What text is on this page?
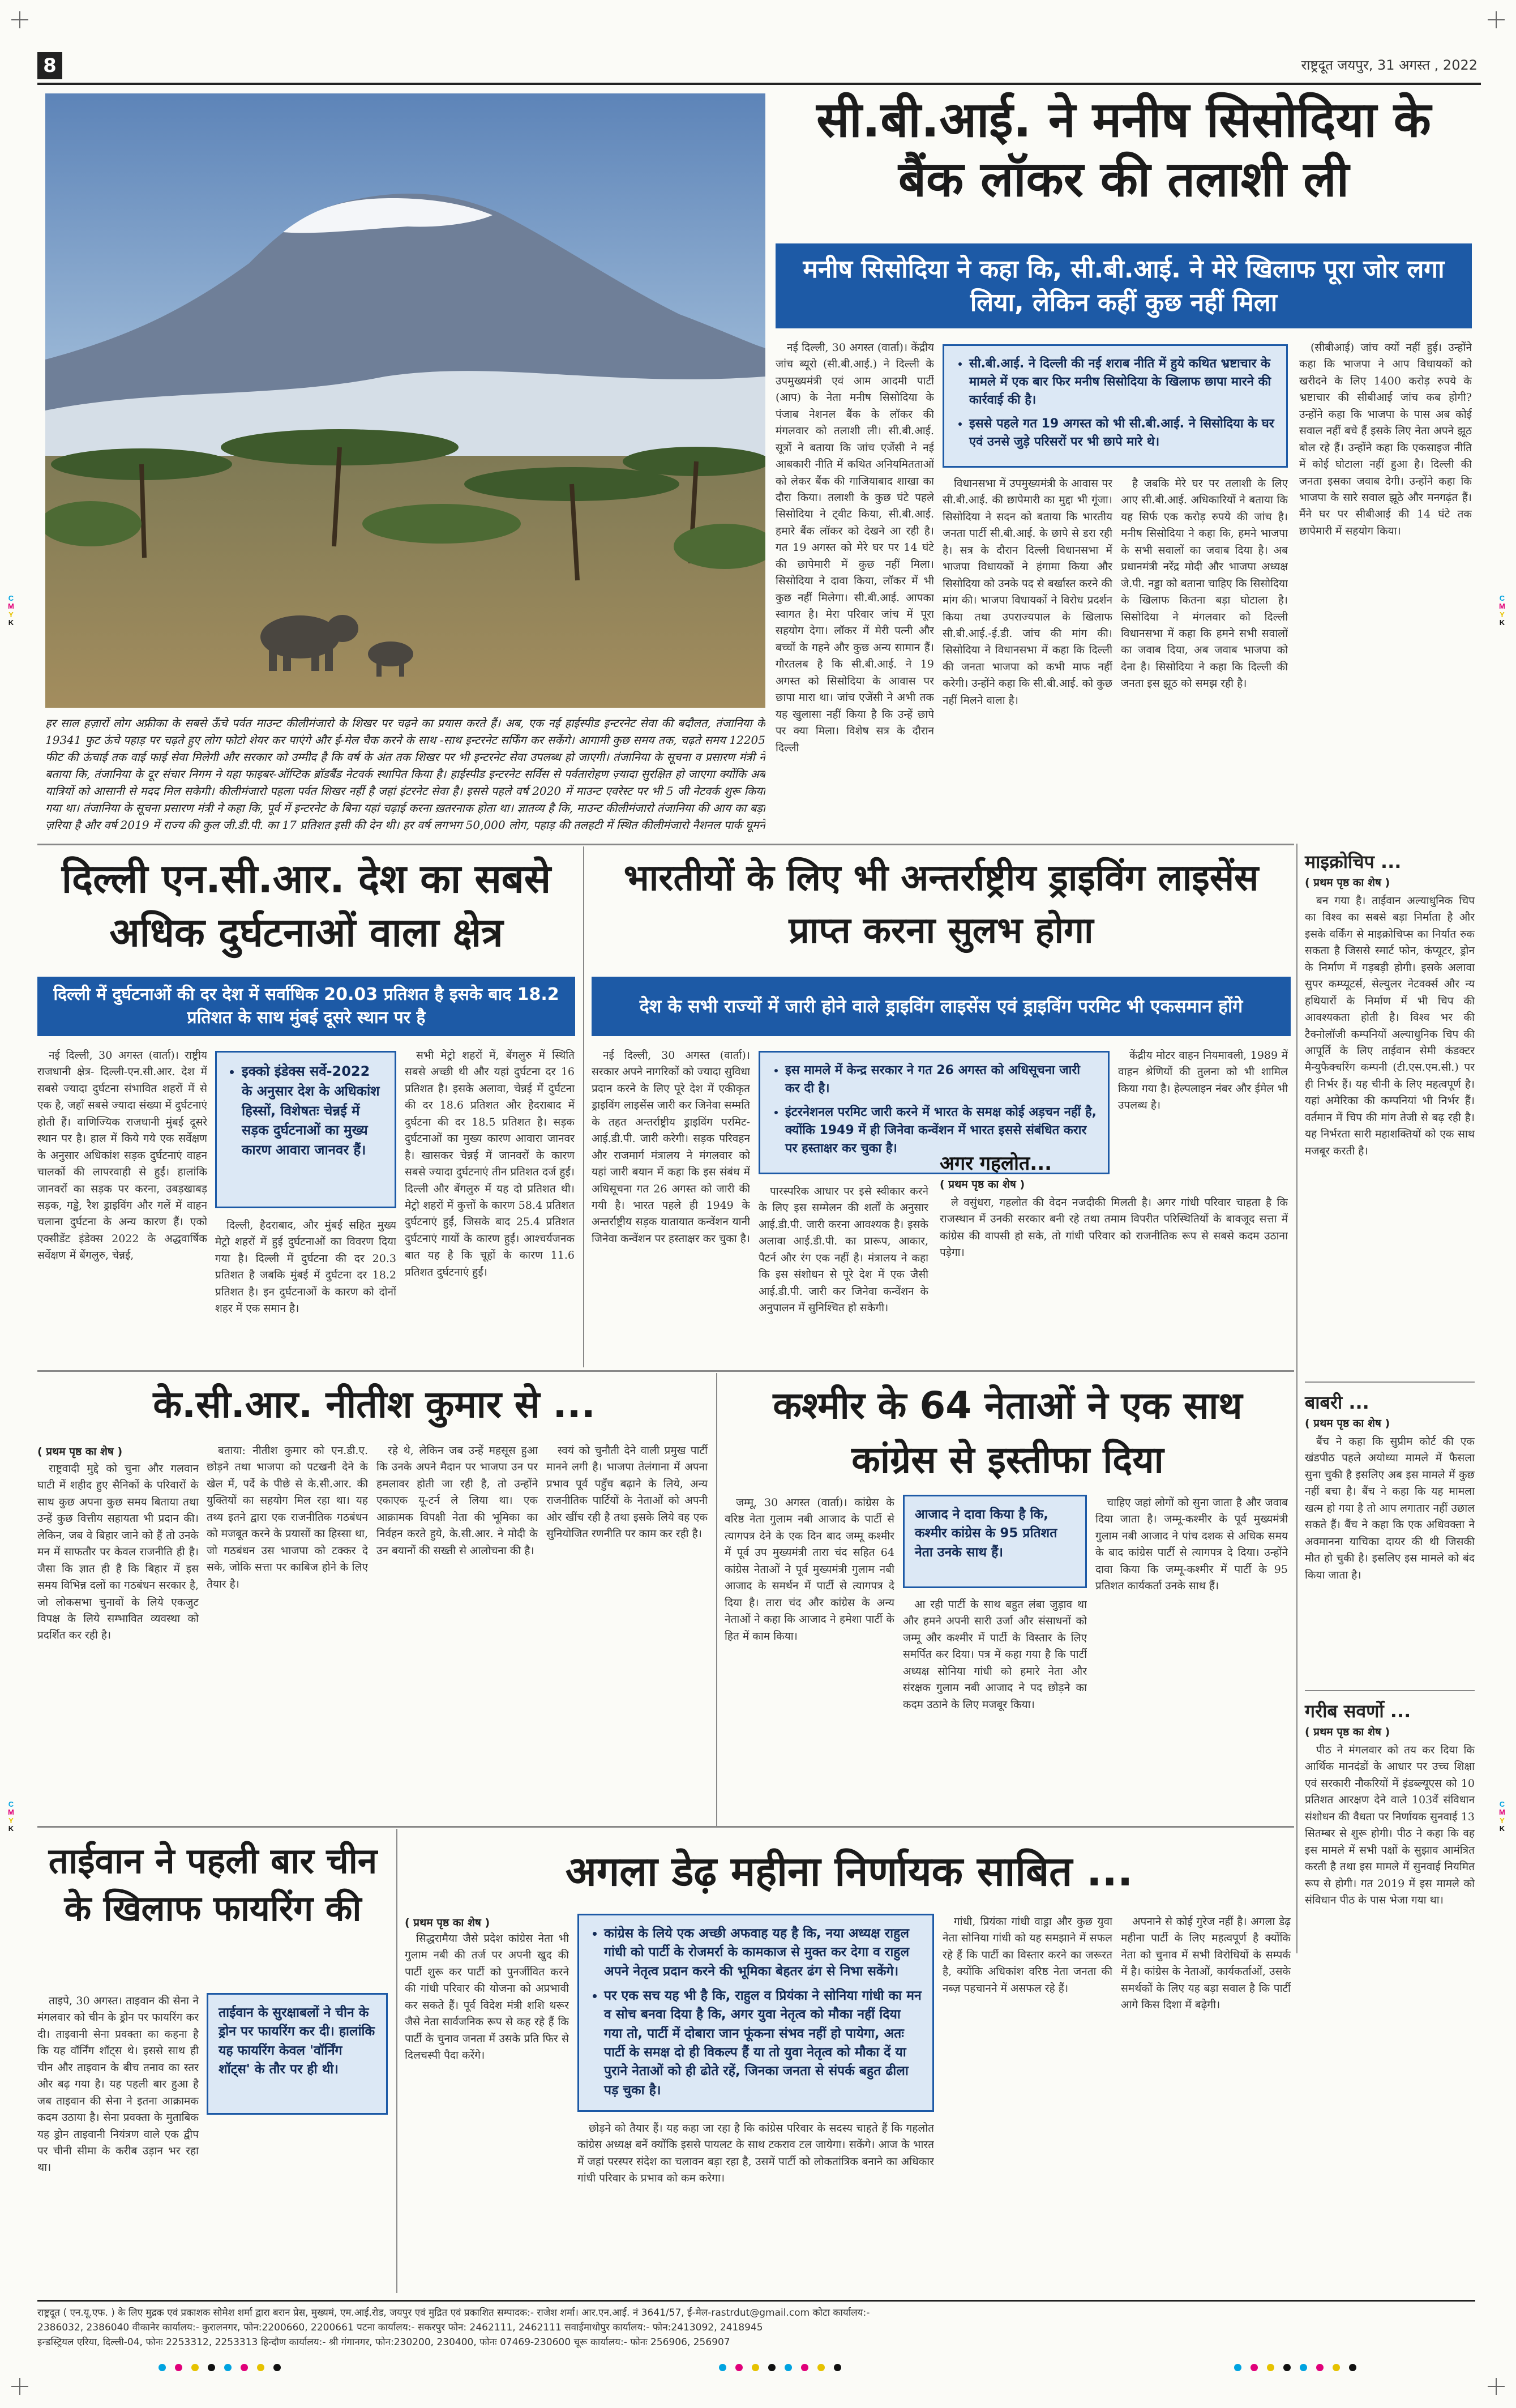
C
M
Y
K
C
M
Y
K
C
M
Y
K
C
M
Y
K
8	राष्ट्रदूत जयपुर, 31 अगस्त , 2022
हर साल हज़ारों लोग अफ्रीका के सबसे ऊँचे पर्वत माउन्ट कीलीमंजारो के शिखर पर चढ़ने का प्रयास करते हैं। अब, एक नई हाईस्पीड इन्टरनेट सेवा की बदौलत, तंजानिया के 19341 फुट ऊंचे पहाड़ पर चढ़ते हुए लोग फोटो शेयर कर पाएंगे और ई-मेल चैक करने के साथ -साथ इन्टरनेट सर्फिंग कर सकेंगे। आगामी कुछ समय तक, चढ़ते समय 12205 फीट की ऊंचाई तक वाई फाई सेवा मिलेगी और सरकार को उम्मीद है कि वर्ष के अंत तक शिखर पर भी इन्टरनेट सेवा उपलब्ध हो जाएगी। तंजानिया के सूचना व प्रसारण मंत्री ने बताया कि, तंजानिया के दूर संचार निगम ने यहा फाइबर-ऑप्टिक ब्रॉडबैंड नेटवर्क स्थापित किया है। हाईस्पीड इन्टरनेट सर्विस से पर्वतारोहण ज़्यादा सुरक्षित हो जाएगा क्योंकि अब यात्रियों को आसानी से मदद मिल सकेगी। कीलीमंजारो पहला पर्वत शिखर नहीं है जहां इंटरनेट सेवा है। इससे पहले वर्ष 2020 में माउन्ट एवरेस्ट पर भी 5 जी नेटवर्क शुरू किया गया था। तंजानिया के सूचना प्रसारण मंत्री ने कहा कि, पूर्व में इन्टरनेट के बिना यहां चढ़ाई करना ख़तरनाक होता था। ज्ञातव्य है कि, माउन्ट कीलीमंजारो तंजानिया की आय का बड़ा ज़रिया है और वर्ष 2019 में राज्य की कुल जी.डी.पी. का 17 प्रतिशत इसी की देन थी। हर वर्ष लगभग 50,000 लोग, पहाड़ की तलहटी में स्थित कीलीमंजारो नैशनल पार्क घूमने
सी.बी.आई. ने मनीष सिसोदिया के बैंक लॉकर की तलाशी ली
मनीष सिसोदिया ने कहा कि, सी.बी.आई. ने मेरे खिलाफ पूरा जोर लगा लिया, लेकिन कहीं कुछ नहीं मिला

नई दिल्ली, 30 अगस्त (वार्ता)। केंद्रीय जांच ब्यूरो (सी.बी.आई.) ने दिल्ली के उपमुख्यमंत्री एवं आम आदमी पार्टी (आप) के नेता मनीष सिसोदिया के पंजाब नेशनल बैंक के लॉकर की मंगलवार को तलाशी ली। सी.बी.आई. सूत्रों ने बताया कि जांच एजेंसी ने नई आबकारी नीति में कथित अनियमितताओं को लेकर बैंक की गाजियाबाद शाखा का दौरा किया। तलाशी के कुछ घंटे पहले सिसोदिया ने ट्वीट किया, सी.बी.आई. हमारे बैंक लॉकर को देखने आ रही है। गत 19 अगस्त को मेरे घर पर 14 घंटे की छापेमारी में कुछ नहीं मिला। सिसोदिया ने दावा किया, लॉकर में भी कुछ नहीं मिलेगा। सी.बी.आई. आपका स्वागत है। मेरा परिवार जांच में पूरा सहयोग देगा। लॉकर में मेरी पत्नी और बच्चों के गहने और कुछ अन्य सामान हैं। गौरतलब है कि सी.बी.आई. ने 19 अगस्त को सिसोदिया के आवास पर छापा मारा था। जांच एजेंसी ने अभी तक यह खुलासा नहीं किया है कि उन्हें छापे पर क्या मिला। विशेष सत्र के दौरान दिल्ली

• सी.बी.आई. ने दिल्ली की नई शराब नीति में हुये कथित भ्रष्टाचार के मामले में एक बार फिर मनीष सिसोदिया के खिलाफ छापा मारने की कार्रवाई की है।
• इससे पहले गत 19 अगस्त को भी सी.बी.आई. ने सिसोदिया के घर एवं उनसे जुड़े परिसरों पर भी छापे मारे थे।

विधानसभा में उपमुख्यमंत्री के आवास पर सी.बी.आई. की छापेमारी का मुद्दा भी गूंजा। सिसोदिया ने सदन को बताया कि भारतीय जनता पार्टी सी.बी.आई. के छापे से डरा रही है। सत्र के दौरान दिल्ली विधानसभा में भाजपा विधायकों ने हंगामा किया और सिसोदिया को उनके पद से बर्खास्त करने की मांग की। भाजपा विधायकों ने विरोध प्रदर्शन किया तथा उपराज्यपाल के खिलाफ सी.बी.आई.-ई.डी. जांच की मांग की। सिसोदिया ने विधानसभा में कहा कि दिल्ली की जनता भाजपा को कभी माफ नहीं करेगी। उन्होंने कहा कि सी.बी.आई. को कुछ नहीं मिलने वाला है।

है जबकि मेरे घर पर तलाशी के लिए आए सी.बी.आई. अधिकारियों ने बताया कि यह सिर्फ एक करोड़ रुपये की जांच है। मनीष सिसोदिया ने कहा कि, हमने भाजपा के सभी सवालों का जवाब दिया है। अब प्रधानमंत्री नरेंद्र मोदी और भाजपा अध्यक्ष जे.पी. नड्डा को बताना चाहिए कि सिसोदिया के खिलाफ कितना बड़ा घोटाला है। सिसोदिया ने मंगलवार को दिल्ली विधानसभा में कहा कि हमने सभी सवालों का जवाब दिया, अब जवाब भाजपा को देना है। सिसोदिया ने कहा कि दिल्ली की जनता इस झूठ को समझ रही है।

(सीबीआई) जांच क्यों नहीं हुई। उन्होंने कहा कि भाजपा ने आप विधायकों को खरीदने के लिए 1400 करोड़ रुपये के भ्रष्टाचार की सीबीआई जांच कब होगी? उन्होंने कहा कि भाजपा के पास अब कोई सवाल नहीं बचे हैं इसके लिए नेता अपने झूठ बोल रहे हैं। उन्होंने कहा कि एकसाइज नीति में कोई घोटाला नहीं हुआ है। दिल्ली की जनता इसका जवाब देगी। उन्होंने कहा कि भाजपा के सारे सवाल झूठे और मनगढ़ंत हैं। मैंने घर पर सीबीआई की 14 घंटे तक छापेमारी में सहयोग किया।

दिल्ली एन.सी.आर. देश का सबसे अधिक दुर्घटनाओं वाला क्षेत्र
दिल्ली में दुर्घटनाओं की दर देश में सर्वाधिक 20.03 प्रतिशत है इसके बाद 18.2 प्रतिशत के साथ मुंबई दूसरे स्थान पर है

नई दिल्ली, 30 अगस्त (वार्ता)। राष्ट्रीय राजधानी क्षेत्र- दिल्ली-एन.सी.आर. देश में सबसे ज्यादा दुर्घटना संभावित शहरों में से एक है, जहाँ सबसे ज्यादा संख्या में दुर्घटनाएं होती हैं। वाणिज्यिक राजधानी मुंबई दूसरे स्थान पर है। हाल में किये गये एक सर्वेक्षण के अनुसार अधिकांश सड़क दुर्घटनाएं वाहन चालकों की लापरवाही से हुईं। हालांकि जानवरों का सड़क पर करना, उबड़खाबड़ सड़क, गड्ढे, रैश ड्राइविंग और गलें में वाहन चलाना दुर्घटना के अन्य कारण हैं। एको एक्सीडेंट इंडेक्स 2022 के अद्धवार्षिक सर्वेक्षण में बेंगलुरु, चेन्नई,

• इक्को इंडेक्स सर्वे-2022 के अनुसार देश के अधिकांश हिस्सों, विशेषतः चेन्नई में सड़क दुर्घटनाओं का मुख्य कारण आवारा जानवर हैं।

दिल्ली, हैदराबाद, और मुंबई सहित मुख्य मेट्रो शहरों में हुई दुर्घटनाओं का विवरण दिया गया है। दिल्ली में दुर्घटना की दर 20.3 प्रतिशत है जबकि मुंबई में दुर्घटना दर 18.2 प्रतिशत है। इन दुर्घटनाओं के कारण को दोनों शहर में एक समान है।

सभी मेट्रो शहरों में, बेंगलुरु में स्थिति सबसे अच्छी थी और यहां दुर्घटना दर 16 प्रतिशत है। इसके अलावा, चेन्नई में दुर्घटना की दर 18.6 प्रतिशत और हैदराबाद में दुर्घटना की दर 18.5 प्रतिशत है। सड़क दुर्घटनाओं का मुख्य कारण आवारा जानवर है। खासकर चेन्नई में जानवरों के कारण सबसे ज्यादा दुर्घटनाएं तीन प्रतिशत दर्ज हुईं। दिल्ली और बेंगलुरु में यह दो प्रतिशत थी। मेट्रो शहरों में कुत्तों के कारण 58.4 प्रतिशत दुर्घटनाएं हुईं, जिसके बाद 25.4 प्रतिशत दुर्घटनाएं गायों के कारण हुईं। आश्चर्यजनक बात यह है कि चूहों के कारण 11.6 प्रतिशत दुर्घटनाएं हुईं।

भारतीयों के लिए भी अन्तर्राष्ट्रीय ड्राइविंग लाइसेंस प्राप्त करना सुलभ होगा
देश के सभी राज्यों में जारी होने वाले ड्राइविंग लाइसेंस एवं ड्राइविंग परमिट भी एकसमान होंगे

नई दिल्ली, 30 अगस्त (वार्ता)। सरकार अपने नागरिकों को ज्यादा सुविधा प्रदान करने के लिए पूरे देश में एकीकृत ड्राइविंग लाइसेंस जारी कर जिनेवा सम्मति के तहत अन्तर्राष्ट्रीय ड्राइविंग परमिट-आई.डी.पी. जारी करेगी। सड़क परिवहन और राजमार्ग मंत्रालय ने मंगलवार को यहां जारी बयान में कहा कि इस संबंध में अधिसूचना गत 26 अगस्त को जारी की गयी है। भारत पहले ही 1949 के अन्तर्राष्ट्रीय सड़क यातायात कन्वेंशन यानी जिनेवा कन्वेंशन पर हस्ताक्षर कर चुका है।

• इस मामले में केन्द्र सरकार ने गत 26 अगस्त को अधिसूचना जारी कर दी है।
• इंटरनेशनल परमिट जारी करने में भारत के समक्ष कोई अड़चन नहीं है, क्योंकि 1949 में ही जिनेवा कन्वेंशन में भारत इससे संबंधित करार पर हस्ताक्षर कर चुका है।

पारस्परिक आधार पर इसे स्वीकार करने के लिए इस सम्मेलन की शर्तों के अनुसार आई.डी.पी. जारी करना आवश्यक है। इसके अलावा आई.डी.पी. का प्रारूप, आकार, पैटर्न और रंग एक नहीं है। मंत्रालय ने कहा कि इस संशोधन से पूरे देश में एक जैसी आई.डी.पी. जारी कर जिनेवा कन्वेंशन के अनुपालन में सुनिश्चित हो सकेगी।

केंद्रीय मोटर वाहन नियमावली, 1989 में वाहन श्रेणियों की तुलना को भी शामिल किया गया है। हेल्पलाइन नंबर और ईमेल भी उपलब्ध है।

अगर गहलोत...
( प्रथम पृष्ठ का शेष )

ले वसुंधरा, गहलोत की वेदन नजदीकी मिलती है। अगर गांधी परिवार चाहता है कि राजस्थान में उनकी सरकार बनी रहे तथा तमाम विपरीत परिस्थितियों के बावजूद सत्ता में कांग्रेस की वापसी हो सके, तो गांधी परिवार को राजनीतिक रूप से सबसे कदम उठाना पड़ेगा।

के.सी.आर. नीतीश कुमार से ...
( प्रथम पृष्ठ का शेष )

राष्ट्रवादी मुद्दे को चुना और गलवान घाटी में शहीद हुए सैनिकों के परिवारों के साथ कुछ अपना कुछ समय बिताया तथा उन्हें कुछ वित्तीय सहायता भी प्रदान की। लेकिन, जब वे बिहार जाने को हैं तो उनके मन में साफतौर पर केवल राजनीति ही है। जैसा कि ज्ञात ही है कि बिहार में इस समय विभिन्न दलों का गठबंधन सरकार है, जो लोकसभा चुनावों के लिये एकजुट विपक्ष के लिये सम्भावित व्यवस्था को प्रदर्शित कर रही है।

बताया: नीतीश कुमार को एन.डी.ए. छोड़ने तथा भाजपा को पटखनी देने के खेल में, पर्दे के पीछे से के.सी.आर. की युक्तियों का सहयोग मिल रहा था। यह तथ्य इतने द्वारा एक राजनीतिक गठबंधन को मजबूत करने के प्रयासों का हिस्सा था, जो गठबंधन उस भाजपा को टक्कर दे सके, जोकि सत्ता पर काबिज होने के लिए तैयार है।

रहे थे, लेकिन जब उन्हें महसूस हुआ कि उनके अपने मैदान पर भाजपा उन पर हमलावर होती जा रही है, तो उन्होंने एकाएक यू-टर्न ले लिया था। एक आक्रामक विपक्षी नेता की भूमिका का निर्वहन करते हुये, के.सी.आर. ने मोदी के उन बयानों की सख्ती से आलोचना की है।

स्वयं को चुनौती देने वाली प्रमुख पार्टी मानने लगी है। भाजपा तेलंगाना में अपना प्रभाव पूर्व पहुँच बढ़ाने के लिये, अन्य राजनीतिक पार्टियों के नेताओं को अपनी ओर खींच रही है तथा इसके लिये वह एक सुनियोजित रणनीति पर काम कर रही है।

कश्मीर के 64 नेताओं ने एक साथ कांग्रेस से इस्तीफा दिया

जम्मू, 30 अगस्त (वार्ता)। कांग्रेस के वरिष्ठ नेता गुलाम नबी आजाद के पार्टी से त्यागपत्र देने के एक दिन बाद जम्मू कश्मीर में पूर्व उप मुख्यमंत्री तारा चंद सहित 64 कांग्रेस नेताओं ने पूर्व मुख्यमंत्री गुलाम नबी आजाद के समर्थन में पार्टी से त्यागपत्र दे दिया है। तारा चंद और कांग्रेस के अन्य नेताओं ने कहा कि आजाद ने हमेशा पार्टी के हित में काम किया।

आजाद ने दावा किया है कि, कश्मीर कांग्रेस के 95 प्रतिशत नेता उनके साथ हैं।

आ रही पार्टी के साथ बहुत लंबा जुड़ाव था और हमने अपनी सारी उर्जा और संसाधनों को जम्मू और कश्मीर में पार्टी के विस्तार के लिए समर्पित कर दिया। पत्र में कहा गया है कि पार्टी अध्यक्ष सोनिया गांधी को हमारे नेता और संरक्षक गुलाम नबी आजाद ने पद छोड़ने का कदम उठाने के लिए मजबूर किया।

चाहिए जहां लोगों को सुना जाता है और जवाब दिया जाता है। जम्मू-कश्मीर के पूर्व मुख्यमंत्री गुलाम नबी आजाद ने पांच दशक से अधिक समय के बाद कांग्रेस पार्टी से त्यागपत्र दे दिया। उन्होंने दावा किया कि जम्मू-कश्मीर में पार्टी के 95 प्रतिशत कार्यकर्ता उनके साथ हैं।

माइक्रोचिप ...
( प्रथम पृष्ठ का शेष )

बन गया है। ताईवान अल्याधुनिक चिप का विश्व का सबसे बड़ा निर्माता है और इसके वर्किंग से माइक्रोचिप्स का निर्यात रुक सकता है जिससे स्मार्ट फोन, कंप्यूटर, ड्रोन के निर्माण में गड़बड़ी होगी। इसके अलावा सुपर कम्प्यूटर्स, सेल्युलर नेटवर्क्स और न्य हथियारों के निर्माण में भी चिप की आवश्यकता होती है। विश्व भर की टैक्नोलॉजी कम्पनियों अल्याधुनिक चिप की आपूर्ति के लिए ताईवान सेमी कंडक्टर मैन्युफैक्चरिंग कम्पनी (टी.एस.एम.सी.) पर ही निर्भर हैं। यह चीनी के लिए महत्वपूर्ण है। यहां अमेरिका की कम्पनियां भी निर्भर हैं। वर्तमान में चिप की मांग तेजी से बढ़ रही है। यह निर्भरता सारी महाशक्तियों को एक साथ मजबूर करती है।

बाबरी ...
( प्रथम पृष्ठ का शेष )

बैंच ने कहा कि सुप्रीम कोर्ट की एक खंडपीठ पहले अयोध्या मामले में फैसला सुना चुकी है इसलिए अब इस मामले में कुछ नहीं बचा है। बैंच ने कहा कि यह मामला खत्म हो गया है तो आप लगातार नहीं उछाल सकते हैं। बैंच ने कहा कि एक अधिवक्ता ने अवमानना याचिका दायर की थी जिसकी मौत हो चुकी है। इसलिए इस मामले को बंद किया जाता है।

गरीब सवर्णो ...
( प्रथम पृष्ठ का शेष )

पीठ ने मंगलवार को तय कर दिया कि आर्थिक मानदंडों के आधार पर उच्च शिक्षा एवं सरकारी नौकरियों में इंडब्ल्यूएस को 10 प्रतिशत आरक्षण देने वाले 103वें संविधान संशोधन की वैधता पर निर्णायक सुनवाई 13 सितम्बर से शुरू होगी। पीठ ने कहा कि वह इस मामले में सभी पक्षों के सुझाव आमंत्रित करती है तथा इस मामले में सुनवाई नियमित रूप से होगी। गत 2019 में इस मामले को संविधान पीठ के पास भेजा गया था।

ताईवान ने पहली बार चीन के खिलाफ फायरिंग की

ताइपे, 30 अगस्त। ताइवान की सेना ने मंगलवार को चीन के ड्रोन पर फायरिंग कर दी। ताइवानी सेना प्रवक्ता का कहना है कि यह वॉर्निंग शॉट्स थे। इससे साथ ही चीन और ताइवान के बीच तनाव का स्तर और बढ़ गया है। यह पहली बार हुआ है जब ताइवान की सेना ने इतना आक्रामक कदम उठाया है। सेना प्रवक्ता के मुताबिक यह ड्रोन ताइवानी नियंत्रण वाले एक द्वीप पर चीनी सीमा के करीब उड़ान भर रहा था।

ताईवान के सुरक्षाबलों ने चीन के ड्रोन पर फायरिंग कर दी। हालांकि यह फायरिंग केवल 'वॉर्निंग शॉट्स' के तौर पर ही थी।
अगला डेढ़ महीना निर्णायक साबित ...
( प्रथम पृष्ठ का शेष )

सिद्धरामैया जैसे प्रदेश कांग्रेस नेता भी गुलाम नबी की तर्ज पर अपनी खुद की पार्टी शुरू कर पार्टी को पुनर्जीवित करने की गांधी परिवार की योजना को अप्रभावी कर सकते हैं। पूर्व विदेश मंत्री शशि थरूर जैसे नेता सार्वजनिक रूप से कह रहे हैं कि पार्टी के चुनाव जनता में उसके प्रति फिर से दिलचस्पी पैदा करेंगे।

• कांग्रेस के लिये एक अच्छी अफवाह यह है कि, नया अध्यक्ष राहुल गांधी को पार्टी के रोजमर्रा के कामकाज से मुक्त कर देगा व राहुल अपने नेतृत्व प्रदान करने की भूमिका बेहतर ढंग से निभा सकेंगे।
• पर एक सच यह भी है कि, राहुल व प्रियंका ने सोनिया गांधी का मन व सोच बनवा दिया है कि, अगर युवा नेतृत्व को मौका नहीं दिया गया तो, पार्टी में दोबारा जान फूंकना संभव नहीं हो पायेगा, अतः पार्टी के समक्ष दो ही विकल्प हैं या तो युवा नेतृत्व को मौका दें या पुराने नेताओं को ही ढोते रहें, जिनका जनता से संपर्क बहुत ढीला पड़ चुका है।

छोड़ने को तैयार हैं। यह कहा जा रहा है कि कांग्रेस परिवार के सदस्य चाहते हैं कि गहलोत कांग्रेस अध्यक्ष बनें क्योंकि इससे पायलट के साथ टकराव टल जायेगा। सकेंगे। आज के भारत में जहां परस्पर संदेश का चलावन बड़ा रहा है, उसमें पार्टी को लोकतांत्रिक बनाने का अधिकार गांधी परिवार के प्रभाव को कम करेगा।

गांधी, प्रियंका गांधी वाड्रा और कुछ युवा नेता सोनिया गांधी को यह समझाने में सफल रहे हैं कि पार्टी का विस्तार करने का जरूरत है, क्योंकि अधिकांश वरिष्ठ नेता जनता की नब्ज़ पहचानने में असफल रहे हैं।

अपनाने से कोई गुरेज नहीं है। अगला डेढ़ महीना पार्टी के लिए महत्वपूर्ण है क्योंकि नेता को चुनाव में सभी विरोधियों के सम्पर्क में है। कांग्रेस के नेताओं, कार्यकर्ताओं, उसके समर्थकों के लिए यह बड़ा सवाल है कि पार्टी आगे किस दिशा में बढ़ेगी।

राष्ट्रदूत ( एन.यू.एफ. ) के लिए मुद्रक एवं प्रकाशक सोमेश शर्मा द्वारा बरान प्रेस, मुख्यमं, एम.आई.रोड, जयपुर एवं मुद्रित एवं प्रकाशित सम्पादक:- राजेश शर्मा। आर.एन.आई. नं 3641/57, ई-मेल-rastrdut@gmail.com कोटा कार्यालय:-
2386032, 2386040 वीकानेर कार्यालय:- कुरालनगर, फोन:2200660, 2200661 पटना कार्यालय:- सकरपुर फोन: 2462111, 2462111 सवाईमाधोपुर कार्यालय:- फोन:2413092, 2418945
इन्डस्ट्रियल एरिया, दिल्ली-04, फोनः 2253312, 2253313 हिन्दौण कार्यालय:- श्री गंगानगर, फोन:230200, 230400, फोनः 07469-230600 चूरू कार्यालय:- फोनः 256906, 256907
